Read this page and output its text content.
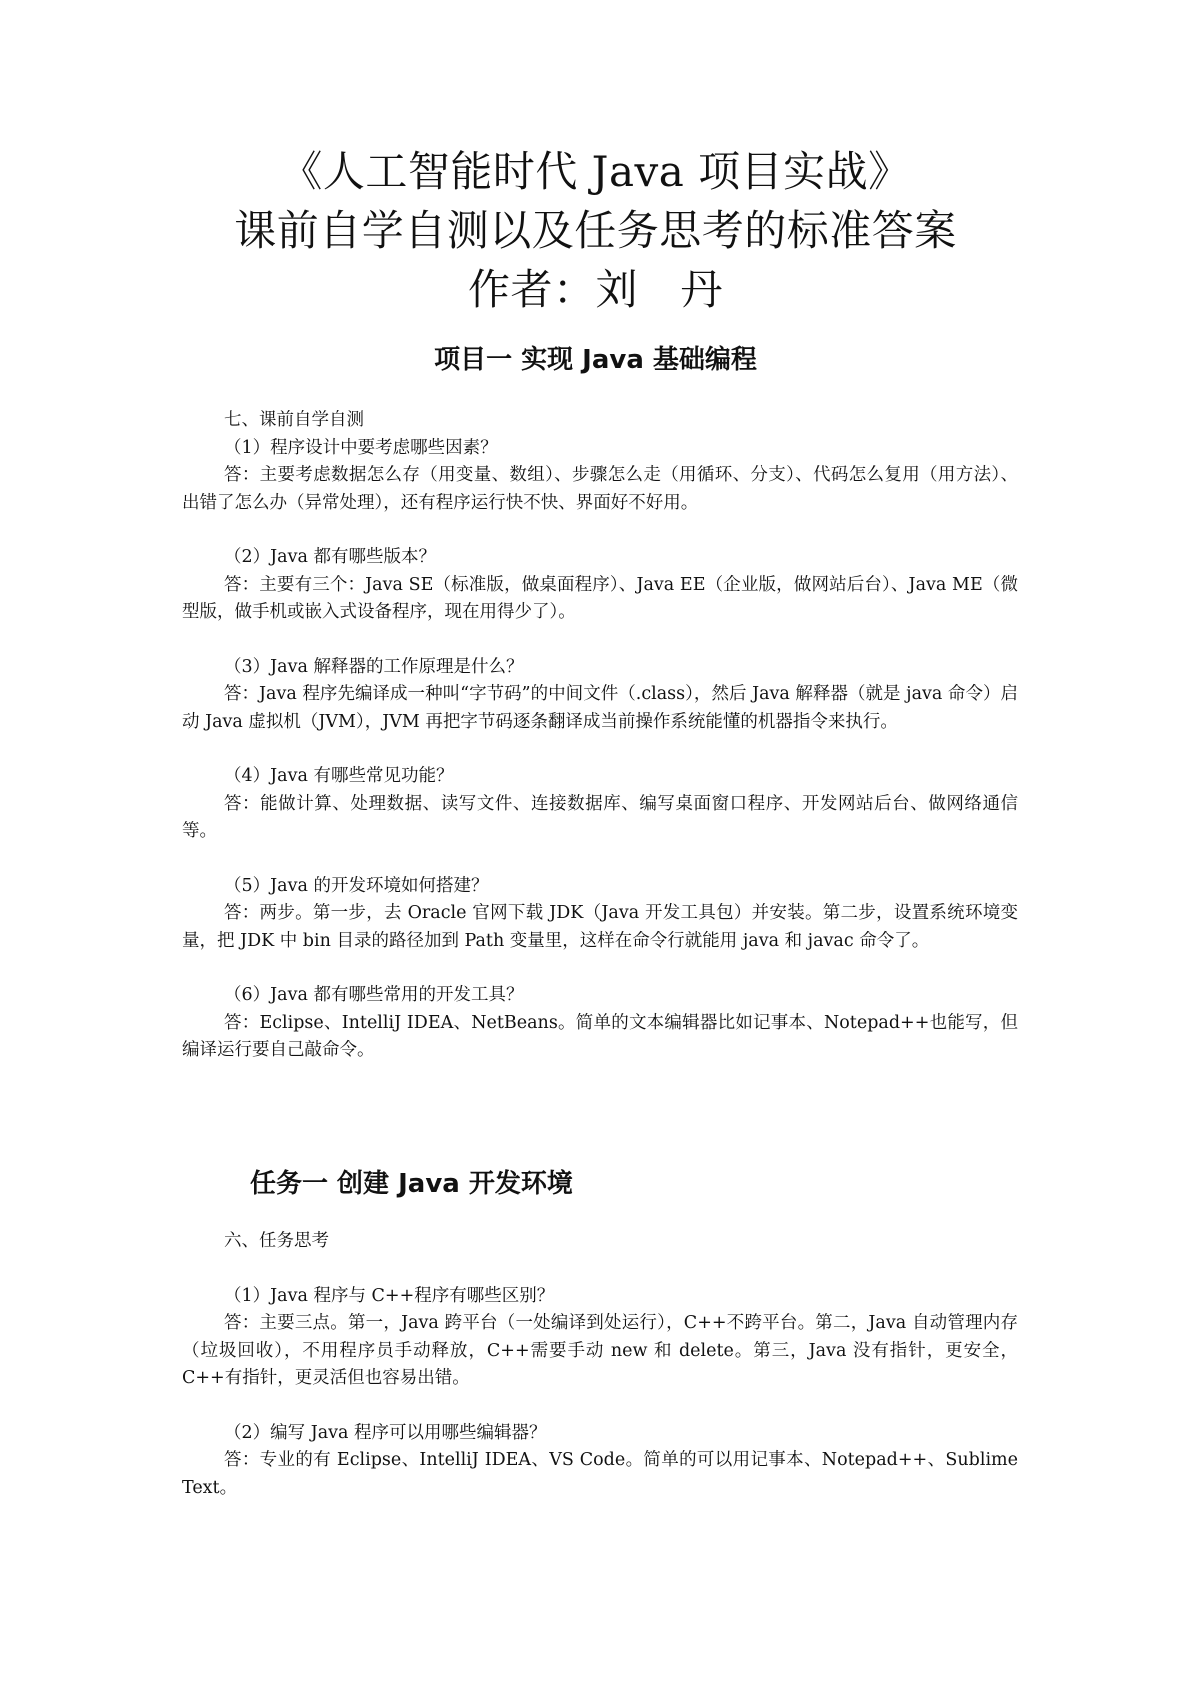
《人工智能时代 Java 项目实战》
课前自学自测以及任务思考的标准答案
作者：刘　丹
项目一 实现 Java 基础编程

七、课前自学自测

（1）程序设计中要考虑哪些因素？

答：主要考虑数据怎么存（用变量、数组）、步骤怎么走（用循环、分支）、代码怎么复用（用方法）、出错了怎么办（异常处理），还有程序运行快不快、界面好不好用。

（2）Java 都有哪些版本？

答：主要有三个：Java SE（标准版，做桌面程序）、Java EE（企业版，做网站后台）、Java ME（微型版，做手机或嵌入式设备程序，现在用得少了）。

（3）Java 解释器的工作原理是什么？

答：Java 程序先编译成一种叫“字节码”的中间文件（.class），然后 Java 解释器（就是 java 命令）启动 Java 虚拟机（JVM），JVM 再把字节码逐条翻译成当前操作系统能懂的机器指令来执行。

（4）Java 有哪些常见功能？

答：能做计算、处理数据、读写文件、连接数据库、编写桌面窗口程序、开发网站后台、做网络通信等。

（5）Java 的开发环境如何搭建？

答：两步。第一步，去 Oracle 官网下载 JDK（Java 开发工具包）并安装。第二步，设置系统环境变量，把 JDK 中 bin 目录的路径加到 Path 变量里，这样在命令行就能用 java 和 javac 命令了。

（6）Java 都有哪些常用的开发工具？

答：Eclipse、IntelliJ IDEA、NetBeans。简单的文本编辑器比如记事本、Notepad++也能写，但编译运行要自己敲命令。

任务一 创建 Java 开发环境

六、任务思考

（1）Java 程序与 C++程序有哪些区别？

答：主要三点。第一，Java 跨平台（一处编译到处运行），C++不跨平台。第二，Java 自动管理内存（垃圾回收），不用程序员手动释放，C++需要手动 new 和 delete。第三，Java 没有指针，更安全，C++有指针，更灵活但也容易出错。

（2）编写 Java 程序可以用哪些编辑器？

答：专业的有 Eclipse、IntelliJ IDEA、VS Code。简单的可以用记事本、Notepad++、Sublime Text。
